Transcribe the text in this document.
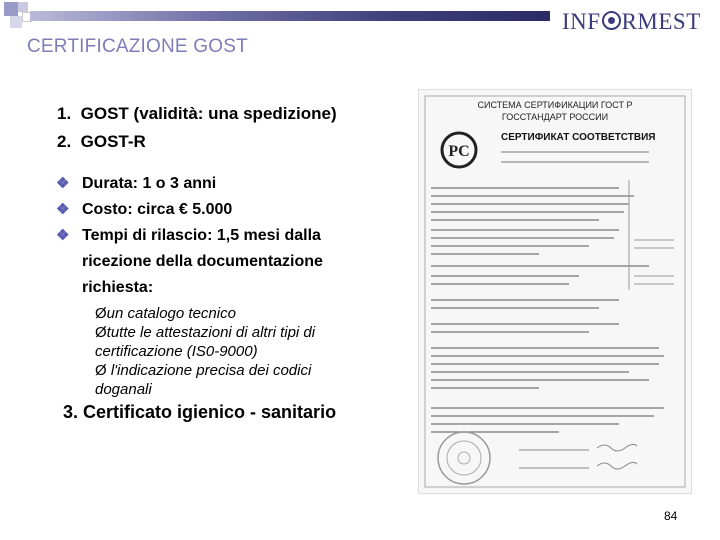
CERTIFICAZIONE GOST
INF RMEST
1. GOST (validità: una spedizione)
2. GOST-R
❖ Durata: 1 o 3 anni
❖ Costo: circa € 5.000
❖ Tempi di rilascio: 1,5 mesi dalla
ricezione della documentazione
richiesta:
Øun catalogo tecnico
Øtutte le attestazioni di altri tipi di
certificazione (IS0-9000)
Ø l'indicazione precisa dei codici
doganali
3. Certificato igienico - sanitario
СИСТЕМА СЕРТИФИКАЦИИ ГОСТ Р
ГОССТАНДАРТ РОССИИ
PC
СЕРТИФИКАТ СООТВЕТСТВИЯ
84
